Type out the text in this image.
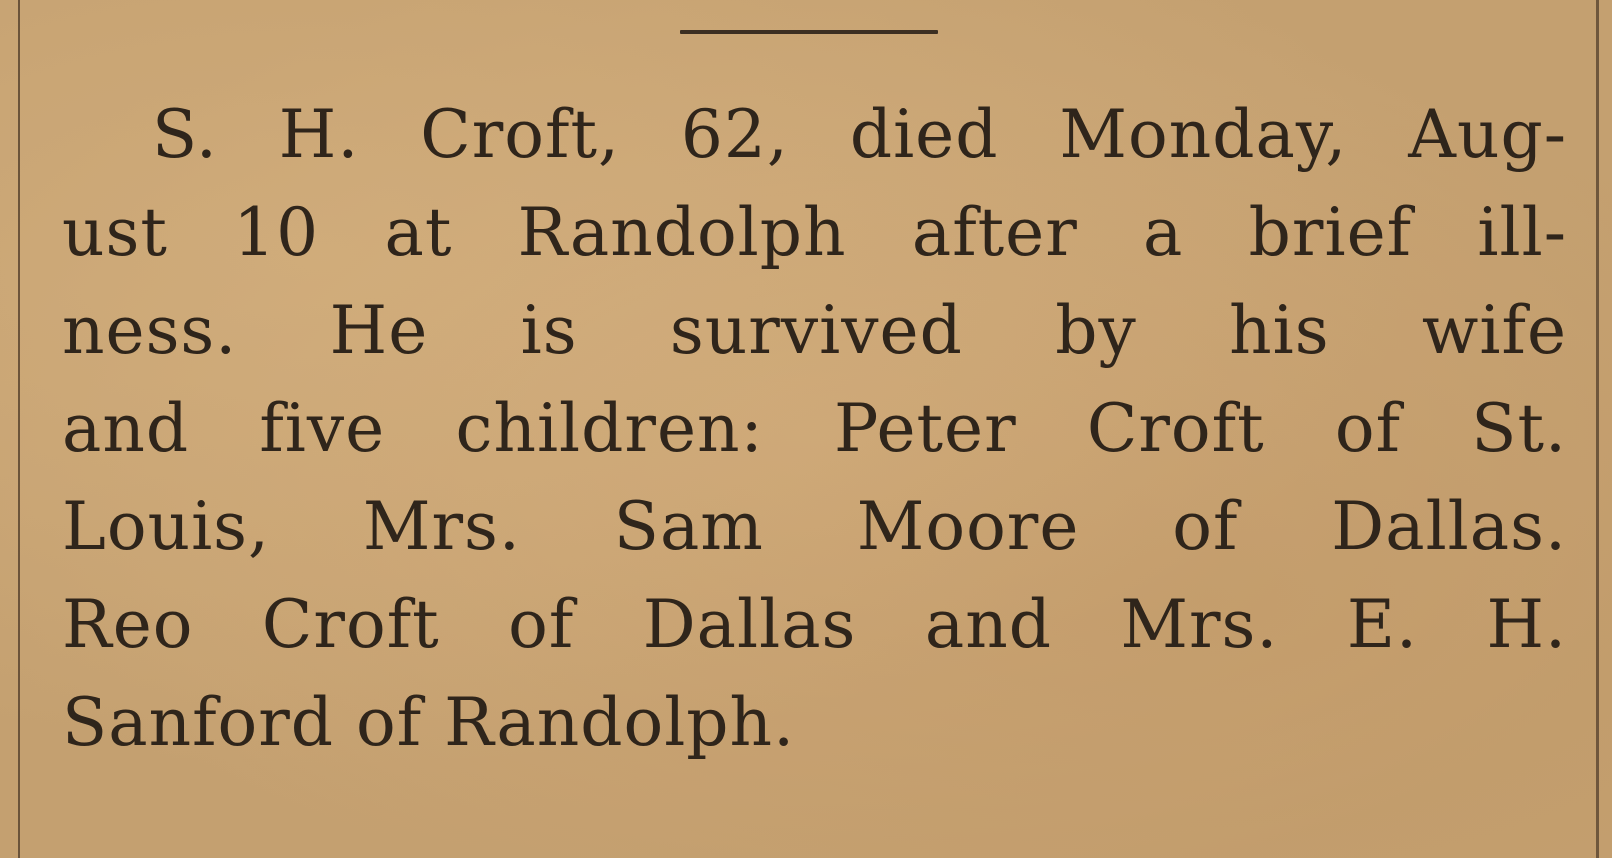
S. H. Croft, 62, died Monday, Aug-
ust 10 at Randolph after a brief ill-
ness. He is survived by his wife
and five children: Peter Croft of St.
Louis, Mrs. Sam Moore of Dallas.
Reo Croft of Dallas and Mrs. E. H.
Sanford of Randolph.
